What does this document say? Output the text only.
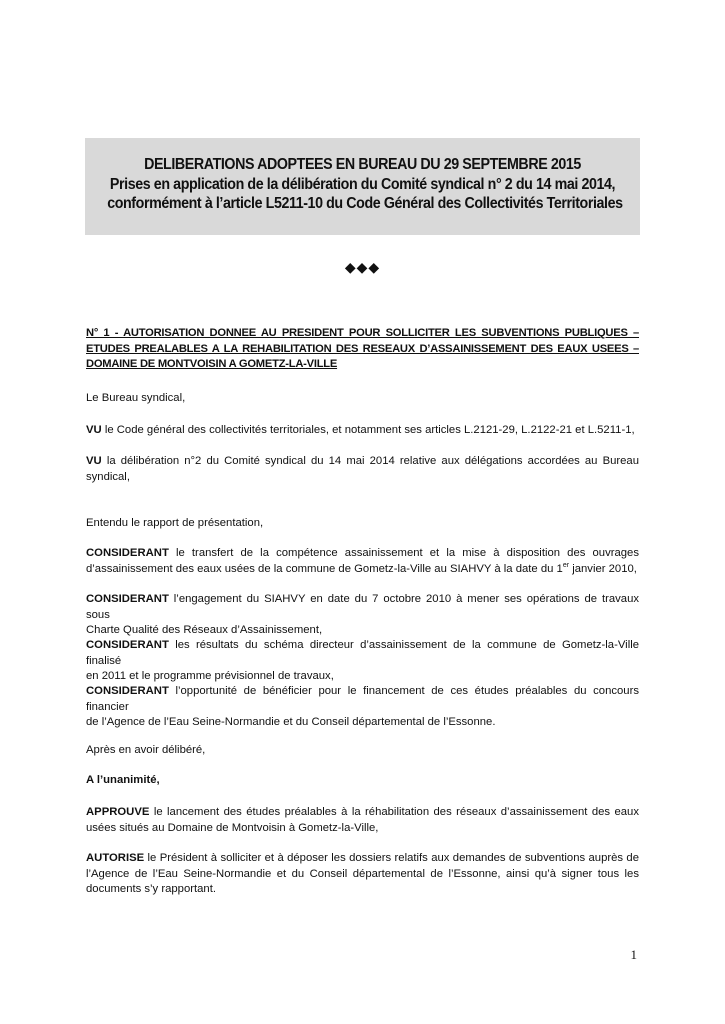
DELIBERATIONS ADOPTEES EN BUREAU DU 29 SEPTEMBRE 2015
Prises en application de la délibération du Comité syndical n° 2 du 14 mai 2014,
conformément à l’article L5211-10 du Code Général des Collectivités Territoriales
◆◆◆
N° 1 - AUTORISATION DONNEE AU PRESIDENT POUR SOLLICITER LES SUBVENTIONS PUBLIQUES –
ETUDES PREALABLES A LA REHABILITATION DES RESEAUX D’ASSAINISSEMENT DES EAUX USEES –
DOMAINE DE MONTVOISIN A GOMETZ-LA-VILLE
Le Bureau syndical,
VU le Code général des collectivités territoriales, et notamment ses articles L.2121-29, L.2122-21 et L.5211-1,
VU la délibération n°2 du Comité syndical du 14 mai 2014 relative aux délégations accordées au Bureau
syndical,
Entendu le rapport de présentation,
CONSIDERANT le transfert de la compétence assainissement et la mise à disposition des ouvrages
d’assainissement des eaux usées de la commune de Gometz-la-Ville au SIAHVY à la date du 1er janvier 2010,
CONSIDERANT l’engagement du SIAHVY en date du 7 octobre 2010 à mener ses opérations de travaux sous
Charte Qualité des Réseaux d’Assainissement,
CONSIDERANT les résultats du schéma directeur d’assainissement de la commune de Gometz-la-Ville finalisé
en 2011 et le programme prévisionnel de travaux,
CONSIDERANT l’opportunité de bénéficier pour le financement de ces études préalables du concours financier
de l’Agence de l’Eau Seine-Normandie et du Conseil départemental de l’Essonne.
Après en avoir délibéré,
A l’unanimité,
APPROUVE le lancement des études préalables à la réhabilitation des réseaux d’assainissement des eaux
usées situés au Domaine de Montvoisin à Gometz-la-Ville,
AUTORISE le Président à solliciter et à déposer les dossiers relatifs aux demandes de subventions auprès de
l’Agence de l’Eau Seine-Normandie et du Conseil départemental de l’Essonne, ainsi qu’à signer tous les
documents s’y rapportant.
1
